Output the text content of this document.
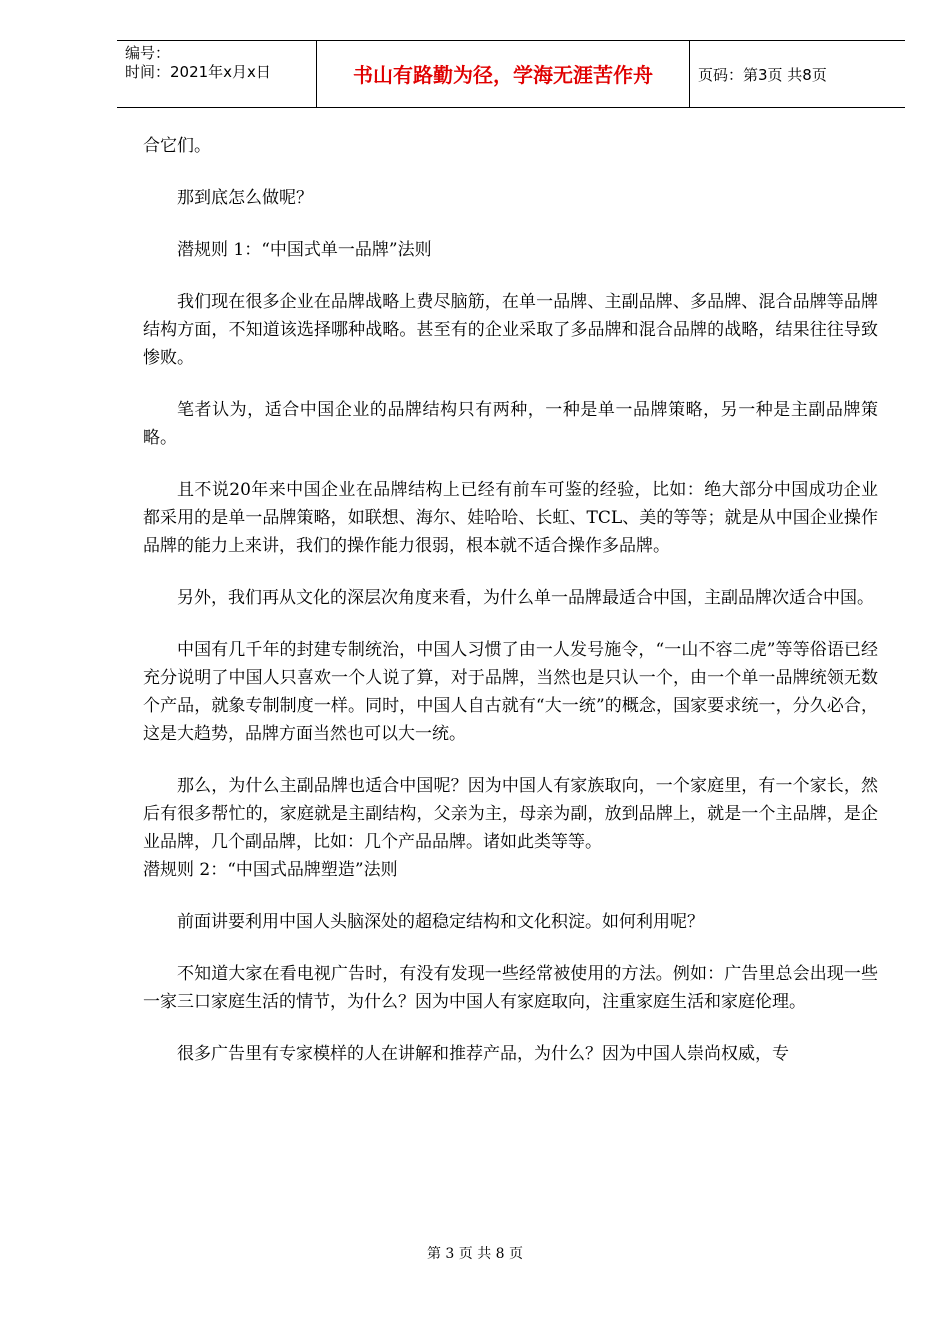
编号：
时间：2021年x月x日	书山有路勤为径，学海无涯苦作舟	页码：第3页 共8页

合它们。

那到底怎么做呢？

潜规则 1：“中国式单一品牌”法则

我们现在很多企业在品牌战略上费尽脑筋，在单一品牌、主副品牌、多品牌、混合品牌等品牌结构方面，不知道该选择哪种战略。甚至有的企业采取了多品牌和混合品牌的战略，结果往往导致惨败。

笔者认为，适合中国企业的品牌结构只有两种，一种是单一品牌策略，另一种是主副品牌策略。

且不说20年来中国企业在品牌结构上已经有前车可鉴的经验，比如：绝大部分中国成功企业都采用的是单一品牌策略，如联想、海尔、娃哈哈、长虹、TCL、美的等等；就是从中国企业操作品牌的能力上来讲，我们的操作能力很弱，根本就不适合操作多品牌。

另外，我们再从文化的深层次角度来看，为什么单一品牌最适合中国，主副品牌次适合中国。

中国有几千年的封建专制统治，中国人习惯了由一人发号施令，“一山不容二虎”等等俗语已经充分说明了中国人只喜欢一个人说了算，对于品牌，当然也是只认一个，由一个单一品牌统领无数个产品，就象专制制度一样。同时，中国人自古就有“大一统”的概念，国家要求统一，分久必合， 这是大趋势，品牌方面当然也可以大一统。

那么，为什么主副品牌也适合中国呢？因为中国人有家族取向，一个家庭里，有一个家长，然后有很多帮忙的，家庭就是主副结构，父亲为主，母亲为副，放到品牌上，就是一个主品牌，是企业品牌，几个副品牌，比如：几个产品品牌。诸如此类等等。

潜规则 2：“中国式品牌塑造”法则

前面讲要利用中国人头脑深处的超稳定结构和文化积淀。如何利用呢？

不知道大家在看电视广告时，有没有发现一些经常被使用的方法。例如：广告里总会出现一些一家三口家庭生活的情节，为什么？因为中国人有家庭取向，注重家庭生活和家庭伦理。

很多广告里有专家模样的人在讲解和推荐产品，为什么？因为中国人崇尚权威，专

第 3 页 共 8 页
